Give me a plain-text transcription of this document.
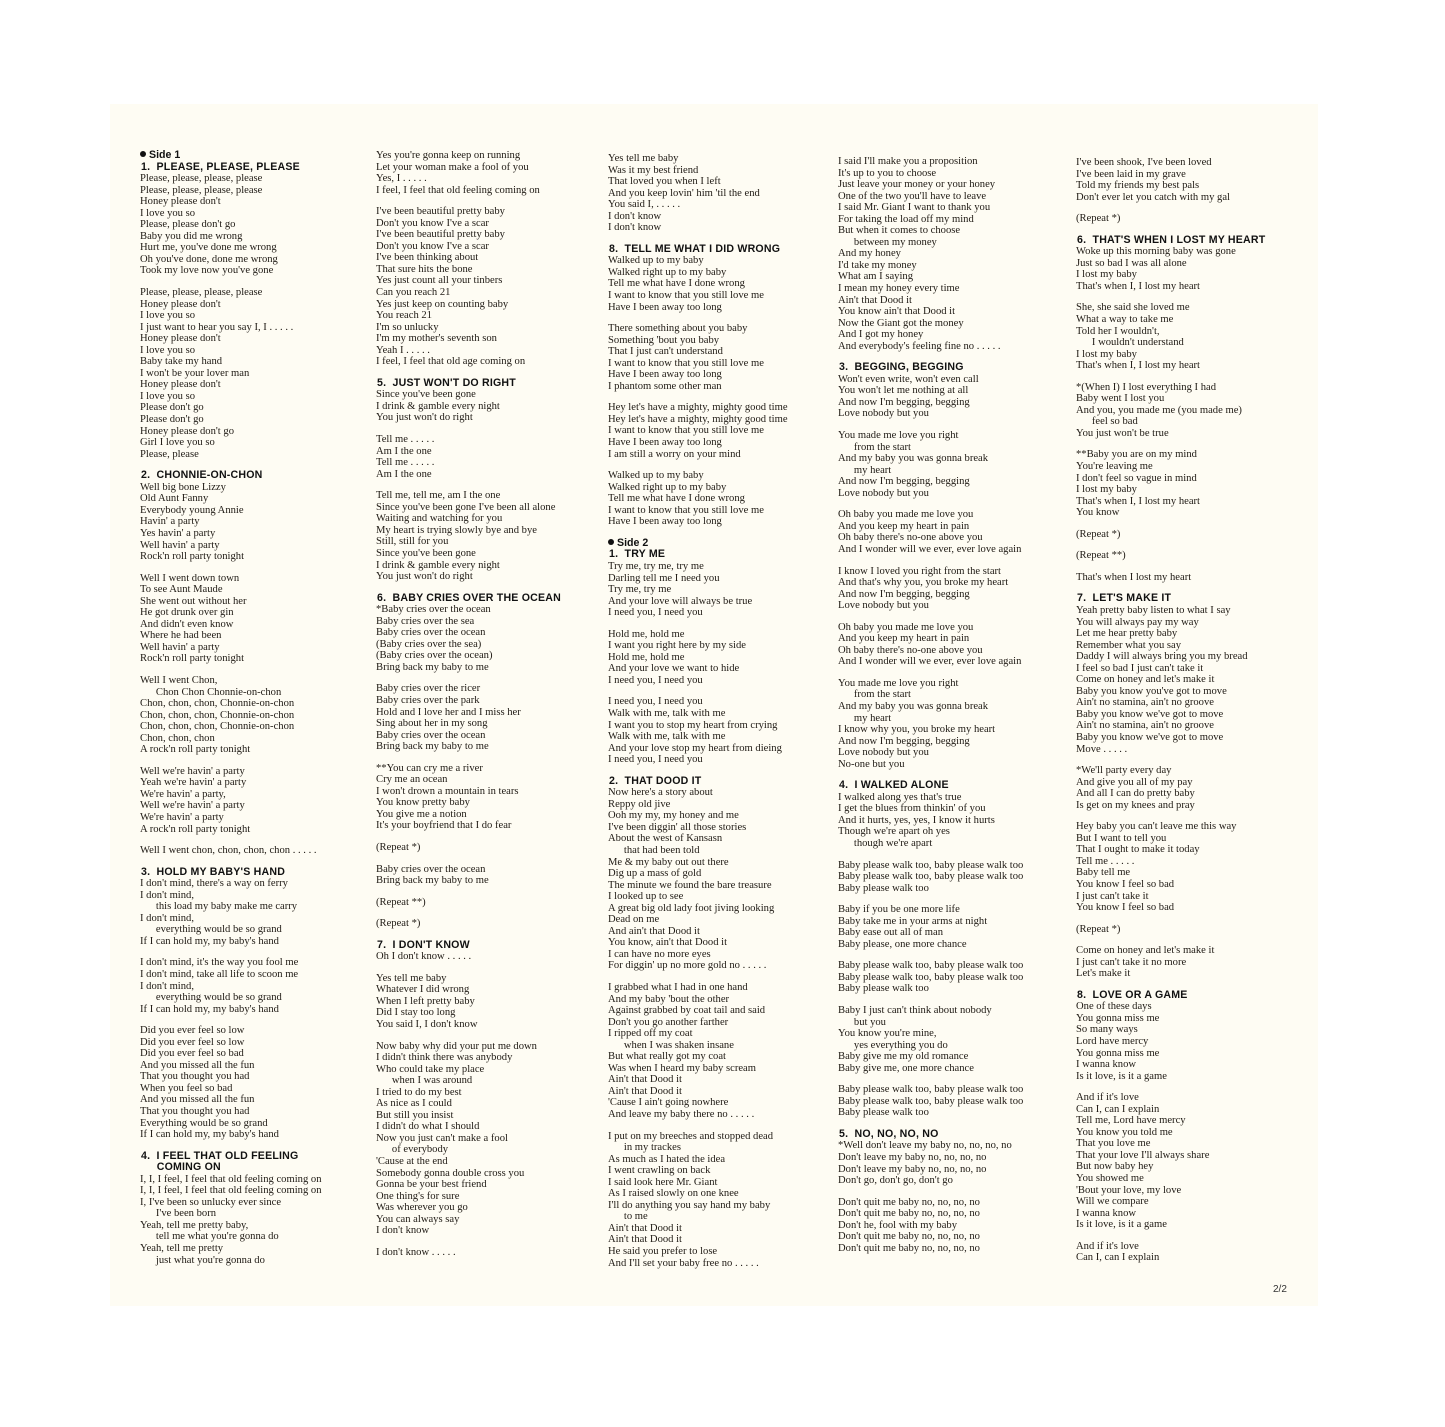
Side 1
1.  PLEASE, PLEASE, PLEASE
Please, please, please, please
Please, please, please, please
Honey please don't
I love you so
Please, please don't go
Baby you did me wrong
Hurt me, you've done me wrong
Oh you've done, done me wrong
Took my love now you've gone
Please, please, please, please
Honey please don't
I love you so
I just want to hear you say I, I . . . . .
Honey please don't
I love you so
Baby take my hand
I won't be your lover man
Honey please don't
I love you so
Please don't go
Please don't go
Honey please don't go
Girl I love you so
Please, please
2.  CHONNIE-ON-CHON
Well big bone Lizzy
Old Aunt Fanny
Everybody young Annie
Havin' a party
Yes havin' a party
Well havin' a party
Rock'n roll party tonight
Well I went down town
To see Aunt Maude
She went out without her
He got drunk over gin
And didn't even know
Where he had been
Well havin' a party
Rock'n roll party tonight
Well I went Chon,
Chon Chon Chonnie-on-chon
Chon, chon, chon, Chonnie-on-chon
Chon, chon, chon, Chonnie-on-chon
Chon, chon, chon, Chonnie-on-chon
Chon, chon, chon
A rock'n roll party tonight
Well we're havin' a party
Yeah we're havin' a party
We're havin' a party,
Well we're havin' a party
We're havin' a party
A rock'n roll party tonight
Well I went chon, chon, chon, chon . . . . .
3.  HOLD MY BABY'S HAND
I don't mind, there's a way on ferry
I don't mind,
this load my baby make me carry
I don't mind,
everything would be so grand
If I can hold my, my baby's hand
I don't mind, it's the way you fool me
I don't mind, take all life to scoon me
I don't mind,
everything would be so grand
If I can hold my, my baby's hand
Did you ever feel so low
Did you ever feel so low
Did you ever feel so bad
And you missed all the fun
That you thought you had
When you feel so bad
And you missed all the fun
That you thought you had
Everything would be so grand
If I can hold my, my baby's hand
4.  I FEEL THAT OLD FEELING
COMING ON
I, I, I feel, I feel that old feeling coming on
I, I, I feel, I feel that old feeling coming on
I, I've been so unlucky ever since
I've been born
Yeah, tell me pretty baby,
tell me what you're gonna do
Yeah, tell me pretty
just what you're gonna do
Yes you're gonna keep on running
Let your woman make a fool of you
Yes, I . . . . .
I feel, I feel that old feeling coming on
I've been beautiful pretty baby
Don't you know I've a scar
I've been beautiful pretty baby
Don't you know I've a scar
I've been thinking about
That sure hits the bone
Yes just count all your tinbers
Can you reach 21
Yes just keep on counting baby
You reach 21
I'm so unlucky
I'm my mother's seventh son
Yeah I . . . . .
I feel, I feel that old age coming on
5.  JUST WON'T DO RIGHT
Since you've been gone
I drink & gamble every night
You just won't do right
Tell me . . . . .
Am I the one
Tell me . . . . .
Am I the one
Tell me, tell me, am I the one
Since you've been gone I've been all alone
Waiting and watching for you
My heart is trying slowly bye and bye
Still, still for you
Since you've been gone
I drink & gamble every night
You just won't do right
6.  BABY CRIES OVER THE OCEAN
*Baby cries over the ocean
Baby cries over the sea
Baby cries over the ocean
(Baby cries over the sea)
(Baby cries over the ocean)
Bring back my baby to me
Baby cries over the ricer
Baby cries over the park
Hold and I love her and I miss her
Sing about her in my song
Baby cries over the ocean
Bring back my baby to me
**You can cry me a river
Cry me an ocean
I won't drown a mountain in tears
You know pretty baby
You give me a notion
It's your boyfriend that I do fear
(Repeat *)
Baby cries over the ocean
Bring back my baby to me
(Repeat **)
(Repeat *)
7.  I DON'T KNOW
Oh I don't know . . . . .
Yes tell me baby
Whatever I did wrong
When I left pretty baby
Did I stay too long
You said I, I don't know
Now baby why did your put me down
I didn't think there was anybody
Who could take my place
when I was around
I tried to do my best
As nice as I could
But still you insist
I didn't do what I should
Now you just can't make a fool
of everybody
'Cause at the end
Somebody gonna double cross you
Gonna be your best friend
One thing's for sure
Was wherever you go
You can always say
I don't know
I don't know . . . . .
Yes tell me baby
Was it my best friend
That loved you when I left
And you keep lovin' him 'til the end
You said I, . . . . .
I don't know
I don't know
8.  TELL ME WHAT I DID WRONG
Walked up to my baby
Walked right up to my baby
Tell me what have I done wrong
I want to know that you still love me
Have I been away too long
There something about you baby
Something 'bout you baby
That I just can't understand
I want to know that you still love me
Have I been away too long
I phantom some other man
Hey let's have a mighty, mighty good time
Hey let's have a mighty, mighty good time
I want to know that you still love me
Have I been away too long
I am still a worry on your mind
Walked up to my baby
Walked right up to my baby
Tell me what have I done wrong
I want to know that you still love me
Have I been away too long
Side 2
1.  TRY ME
Try me, try me, try me
Darling tell me I need you
Try me, try me
And your love will always be true
I need you, I need you
Hold me, hold me
I want you right here by my side
Hold me, hold me
And your love we want to hide
I need you, I need you
I need you, I need you
Walk with me, talk with me
I want you to stop my heart from crying
Walk with me, talk with me
And your love stop my heart from dieing
I need you, I need you
2.  THAT DOOD IT
Now here's a story about
Reppy old jive
Ooh my my, my honey and me
I've been diggin' all those stories
About the west of Kansasn
that had been told
Me & my baby out out there
Dig up a mass of gold
The minute we found the bare treasure
I looked up to see
A great big old lady foot jiving looking
Dead on me
And ain't that Dood it
You know, ain't that Dood it
I can have no more eyes
For diggin' up no more gold no . . . . .
I grabbed what I had in one hand
And my baby 'bout the other
Against grabbed by coat tail and said
Don't you go another farther
I ripped off my coat
when I was shaken insane
But what really got my coat
Was when I heard my baby scream
Ain't that Dood it
Ain't that Dood it
'Cause I ain't going nowhere
And leave my baby there no . . . . .
I put on my breeches and stopped dead
in my trackes
As much as I hated the idea
I went crawling on back
I said look here Mr. Giant
As I raised slowly on one knee
I'll do anything you say hand my baby
to me
Ain't that Dood it
Ain't that Dood it
He said you prefer to lose
And I'll set your baby free no . . . . .
I said I'll make you a proposition
It's up to you to choose
Just leave your money or your honey
One of the two you'll have to leave
I said Mr. Giant I want to thank you
For taking the load off my mind
But when it comes to choose
between my money
And my honey
I'd take my money
What am I saying
I mean my honey every time
Ain't that Dood it
You know ain't that Dood it
Now the Giant got the money
And I got my honey
And everybody's feeling fine no . . . . .
3.  BEGGING, BEGGING
Won't even write, won't even call
You won't let me nothing at all
And now I'm begging, begging
Love nobody but you
You made me love you right
from the start
And my baby you was gonna break
my heart
And now I'm begging, begging
Love nobody but you
Oh baby you made me love you
And you keep my heart in pain
Oh baby there's no-one above you
And I wonder will we ever, ever love again
I know I loved you right from the start
And that's why you, you broke my heart
And now I'm begging, begging
Love nobody but you
Oh baby you made me love you
And you keep my heart in pain
Oh baby there's no-one above you
And I wonder will we ever, ever love again
You made me love you right
from the start
And my baby you was gonna break
my heart
I know why you, you broke my heart
And now I'm begging, begging
Love nobody but you
No-one but you
4.  I WALKED ALONE
I walked along yes that's true
I get the blues from thinkin' of you
And it hurts, yes, yes, I know it hurts
Though we're apart oh yes
though we're apart
Baby please walk too, baby please walk too
Baby please walk too, baby please walk too
Baby please walk too
Baby if you be one more life
Baby take me in your arms at night
Baby ease out all of man
Baby please, one more chance
Baby please walk too, baby please walk too
Baby please walk too, baby please walk too
Baby please walk too
Baby I just can't think about nobody
but you
You know you're mine,
yes everything you do
Baby give me my old romance
Baby give me, one more chance
Baby please walk too, baby please walk too
Baby please walk too, baby please walk too
Baby please walk too
5.  NO, NO, NO, NO
*Well don't leave my baby no, no, no, no
Don't leave my baby no, no, no, no
Don't leave my baby no, no, no, no
Don't go, don't go, don't go
Don't quit me baby no, no, no, no
Don't quit me baby no, no, no, no
Don't he, fool with my baby
Don't quit me baby no, no, no, no
Don't quit me baby no, no, no, no
I've been shook, I've been loved
I've been laid in my grave
Told my friends my best pals
Don't ever let you catch with my gal
(Repeat *)
6.  THAT'S WHEN I LOST MY HEART
Woke up this morning baby was gone
Just so bad I was all alone
I lost my baby
That's when I, I lost my heart
She, she said she loved me
What a way to take me
Told her I wouldn't,
I wouldn't understand
I lost my baby
That's when I, I lost my heart
*(When I) I lost everything I had
Baby went I lost you
And you, you made me (you made me)
feel so bad
You just won't be true
**Baby you are on my mind
You're leaving me
I don't feel so vague in mind
I lost my baby
That's when I, I lost my heart
You know
(Repeat *)
(Repeat **)
That's when I lost my heart
7.  LET'S MAKE IT
Yeah pretty baby listen to what I say
You will always pay my way
Let me hear pretty baby
Remember what you say
Daddy I will always bring you my bread
I feel so bad I just can't take it
Come on honey and let's make it
Baby you know you've got to move
Ain't no stamina, ain't no groove
Baby you know we've got to move
Ain't no stamina, ain't no groove
Baby you know we've got to move
Move . . . . .
*We'll party every day
And give you all of my pay
And all I can do pretty baby
Is get on my knees and pray
Hey baby you can't leave me this way
But I want to tell you
That I ought to make it today
Tell me . . . . .
Baby tell me
You know I feel so bad
I just can't take it
You know I feel so bad
(Repeat *)
Come on honey and let's make it
I just can't take it no more
Let's make it
8.  LOVE OR A GAME
One of these days
You gonna miss me
So many ways
Lord have mercy
You gonna miss me
I wanna know
Is it love, is it a game
And if it's love
Can I, can I explain
Tell me, Lord have mercy
You know you told me
That you love me
That your love I'll always share
But now baby hey
You showed me
'Bout your love, my love
Will we compare
I wanna know
Is it love, is it a game
And if it's love
Can I, can I explain
2/2
